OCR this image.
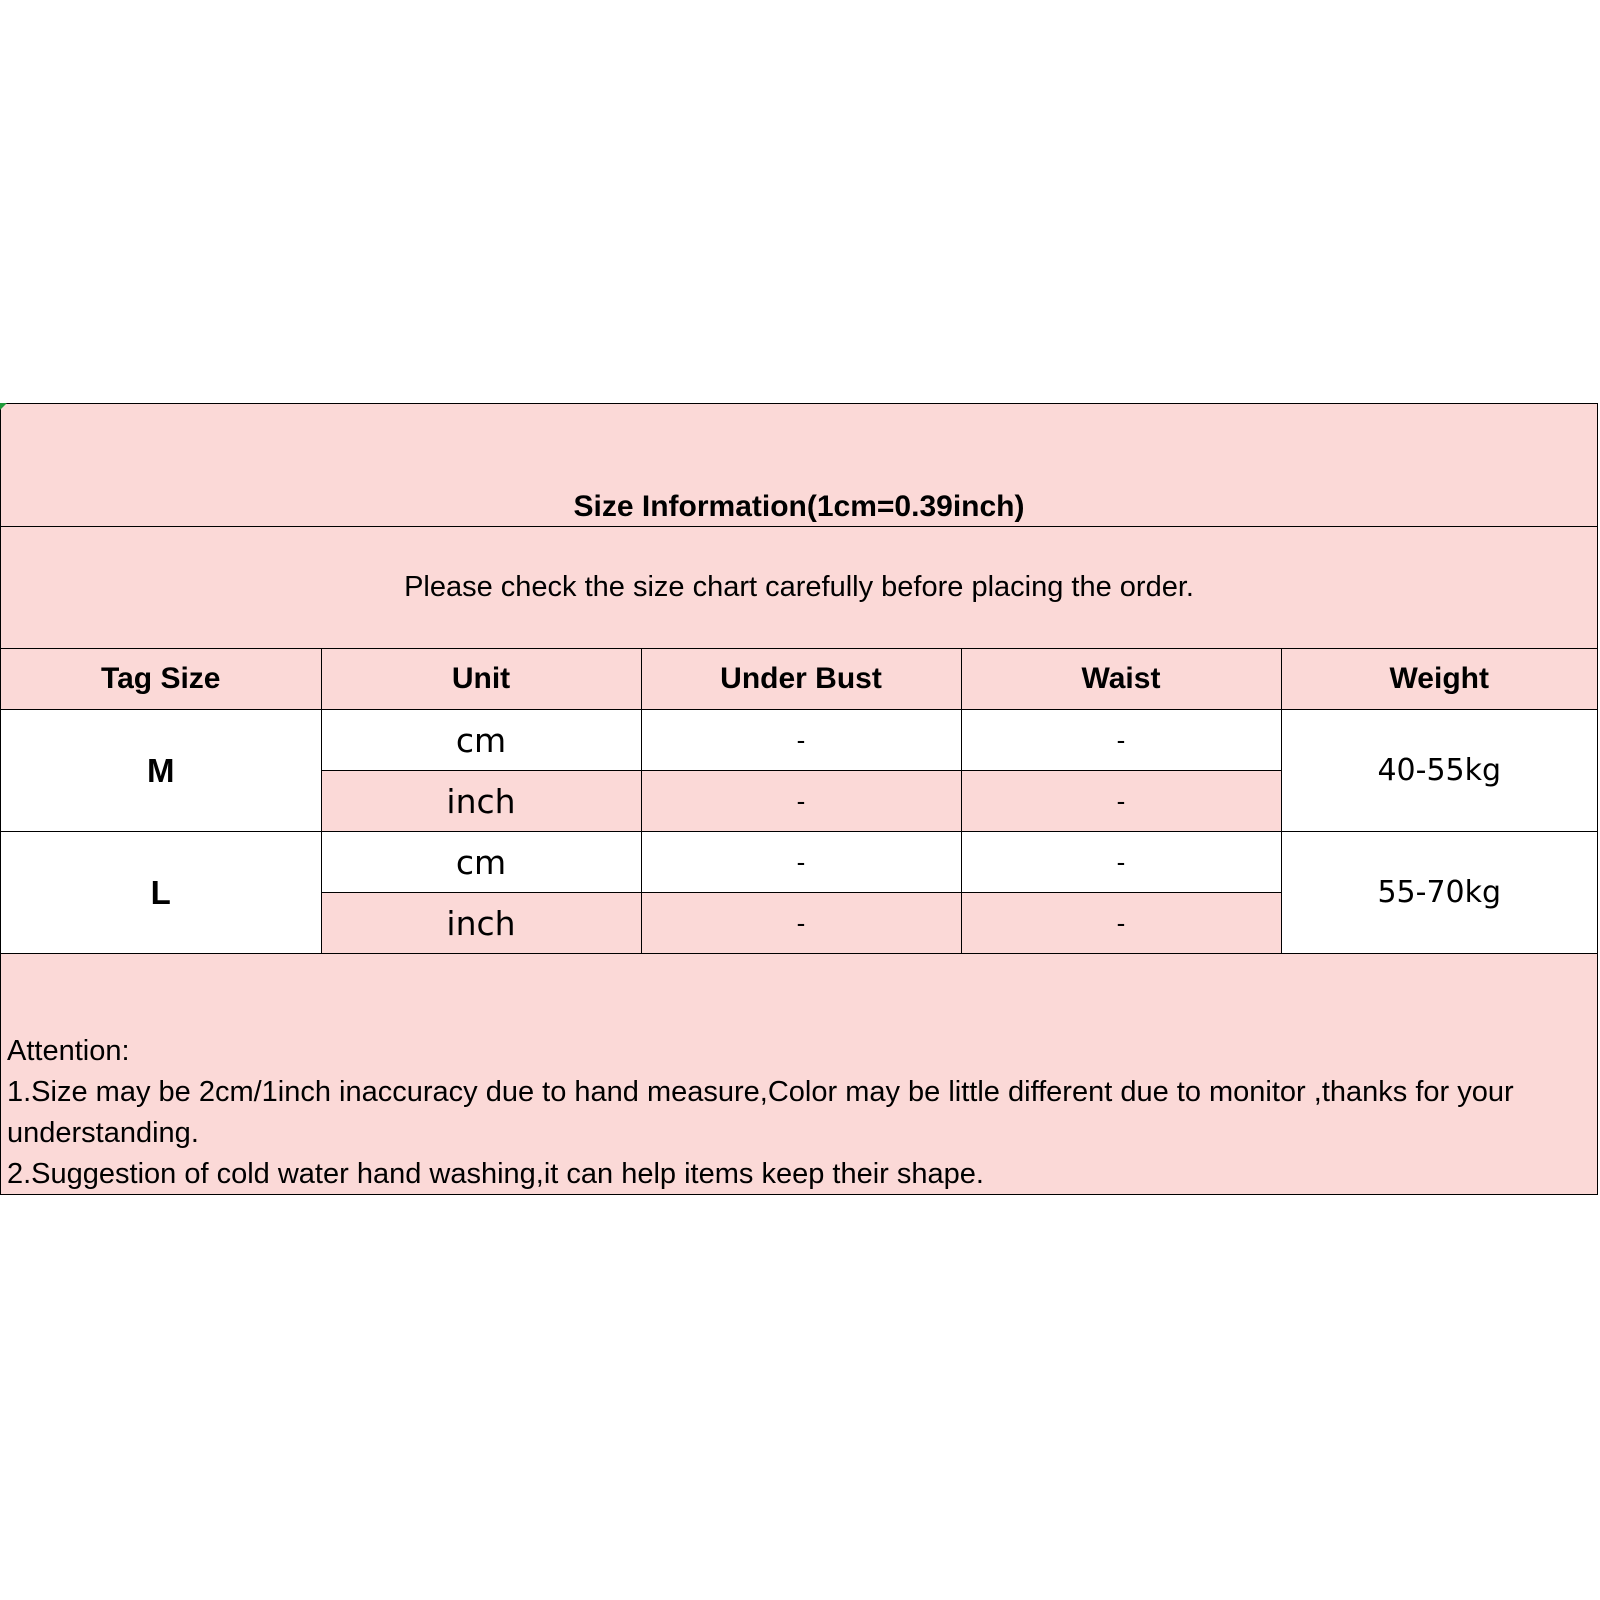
Size Information(1cm=0.39inch)				
Please check the size chart carefully before placing the order.				
Tag Size	Unit	Under Bust	Waist	Weight
M	cm	-	-	40-55kg
	inch	-	-	
L	cm	-	-	55-70kg
	inch	-	-	
Attention:
1.Size may be 2cm/1inch inaccuracy due to hand measure,Color may be little different due to monitor ,thanks for your understanding.
2.Suggestion of cold water hand washing,it can help items keep their shape.
